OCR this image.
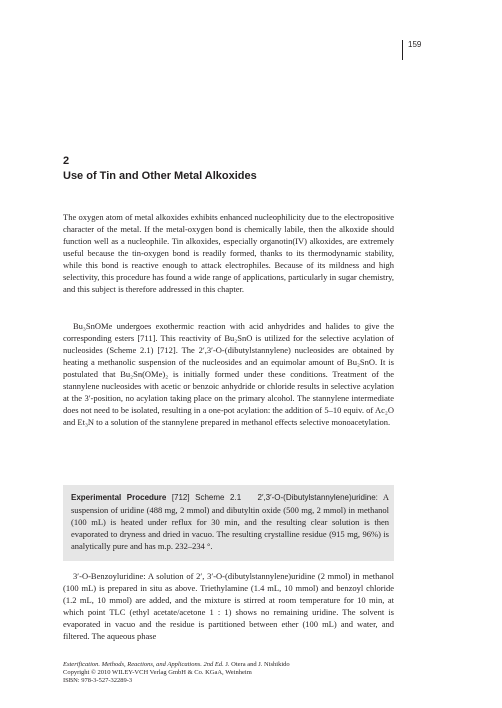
159
2
Use of Tin and Other Metal Alkoxides
The oxygen atom of metal alkoxides exhibits enhanced nucleophilicity due to the electropositive character of the metal. If the metal-oxygen bond is chemically labile, then the alkoxide should function well as a nucleophile. Tin alkoxides, especially organotin(IV) alkoxides, are extremely useful because the tin-oxygen bond is readily formed, thanks to its thermodynamic stability, while this bond is reactive enough to attack electrophiles. Because of its mildness and high selectivity, this procedure has found a wide range of applications, particularly in sugar chemistry, and this subject is therefore addressed in this chapter.
Bu₃SnOMe undergoes exothermic reaction with acid anhydrides and halides to give the corresponding esters [711]. This reactivity of Bu₂SnO is utilized for the selective acylation of nucleosides (Scheme 2.1) [712]. The 2′,3′-O-(dibutylstannylene) nucleosides are obtained by heating a methanolic suspension of the nucleosides and an equimolar amount of Bu₂SnO. It is postulated that Bu₂Sn(OMe)₂ is initially formed under these conditions. Treatment of the stannylene nucleosides with acetic or benzoic anhydride or chloride results in selective acylation at the 3′-position, no acylation taking place on the primary alcohol. The stannylene intermediate does not need to be isolated, resulting in a one-pot acylation: the addition of 5–10 equiv. of Ac₂O and Et₃N to a solution of the stannylene prepared in methanol effects selective monoacetylation.
Experimental Procedure [712] Scheme 2.1 2′,3′-O-(Dibutylstannylene)uridine: A suspension of uridine (488 mg, 2 mmol) and dibutyltin oxide (500 mg, 2 mmol) in methanol (100 mL) is heated under reflux for 30 min, and the resulting clear solution is then evaporated to dryness and dried in vacuo. The resulting crystalline residue (915 mg, 96%) is analytically pure and has m.p. 232–234 °.
3′-O-Benzoyluridine: A solution of 2′, 3′-O-(dibutylstannylene)uridine (2 mmol) in methanol (100 mL) is prepared in situ as above. Triethylamine (1.4 mL, 10 mmol) and benzoyl chloride (1.2 mL, 10 mmol) are added, and the mixture is stirred at room temperature for 10 min, at which point TLC (ethyl acetate/acetone 1 : 1) shows no remaining uridine. The solvent is evaporated in vacuo and the residue is partitioned between ether (100 mL) and water, and filtered. The aqueous phase
Esterification. Methods, Reactions, and Applications. 2nd Ed. J. Otera and J. Nishikido
Copyright © 2010 WILEY-VCH Verlag GmbH & Co. KGaA, Weinheim
ISBN: 978-3-527-32289-3
